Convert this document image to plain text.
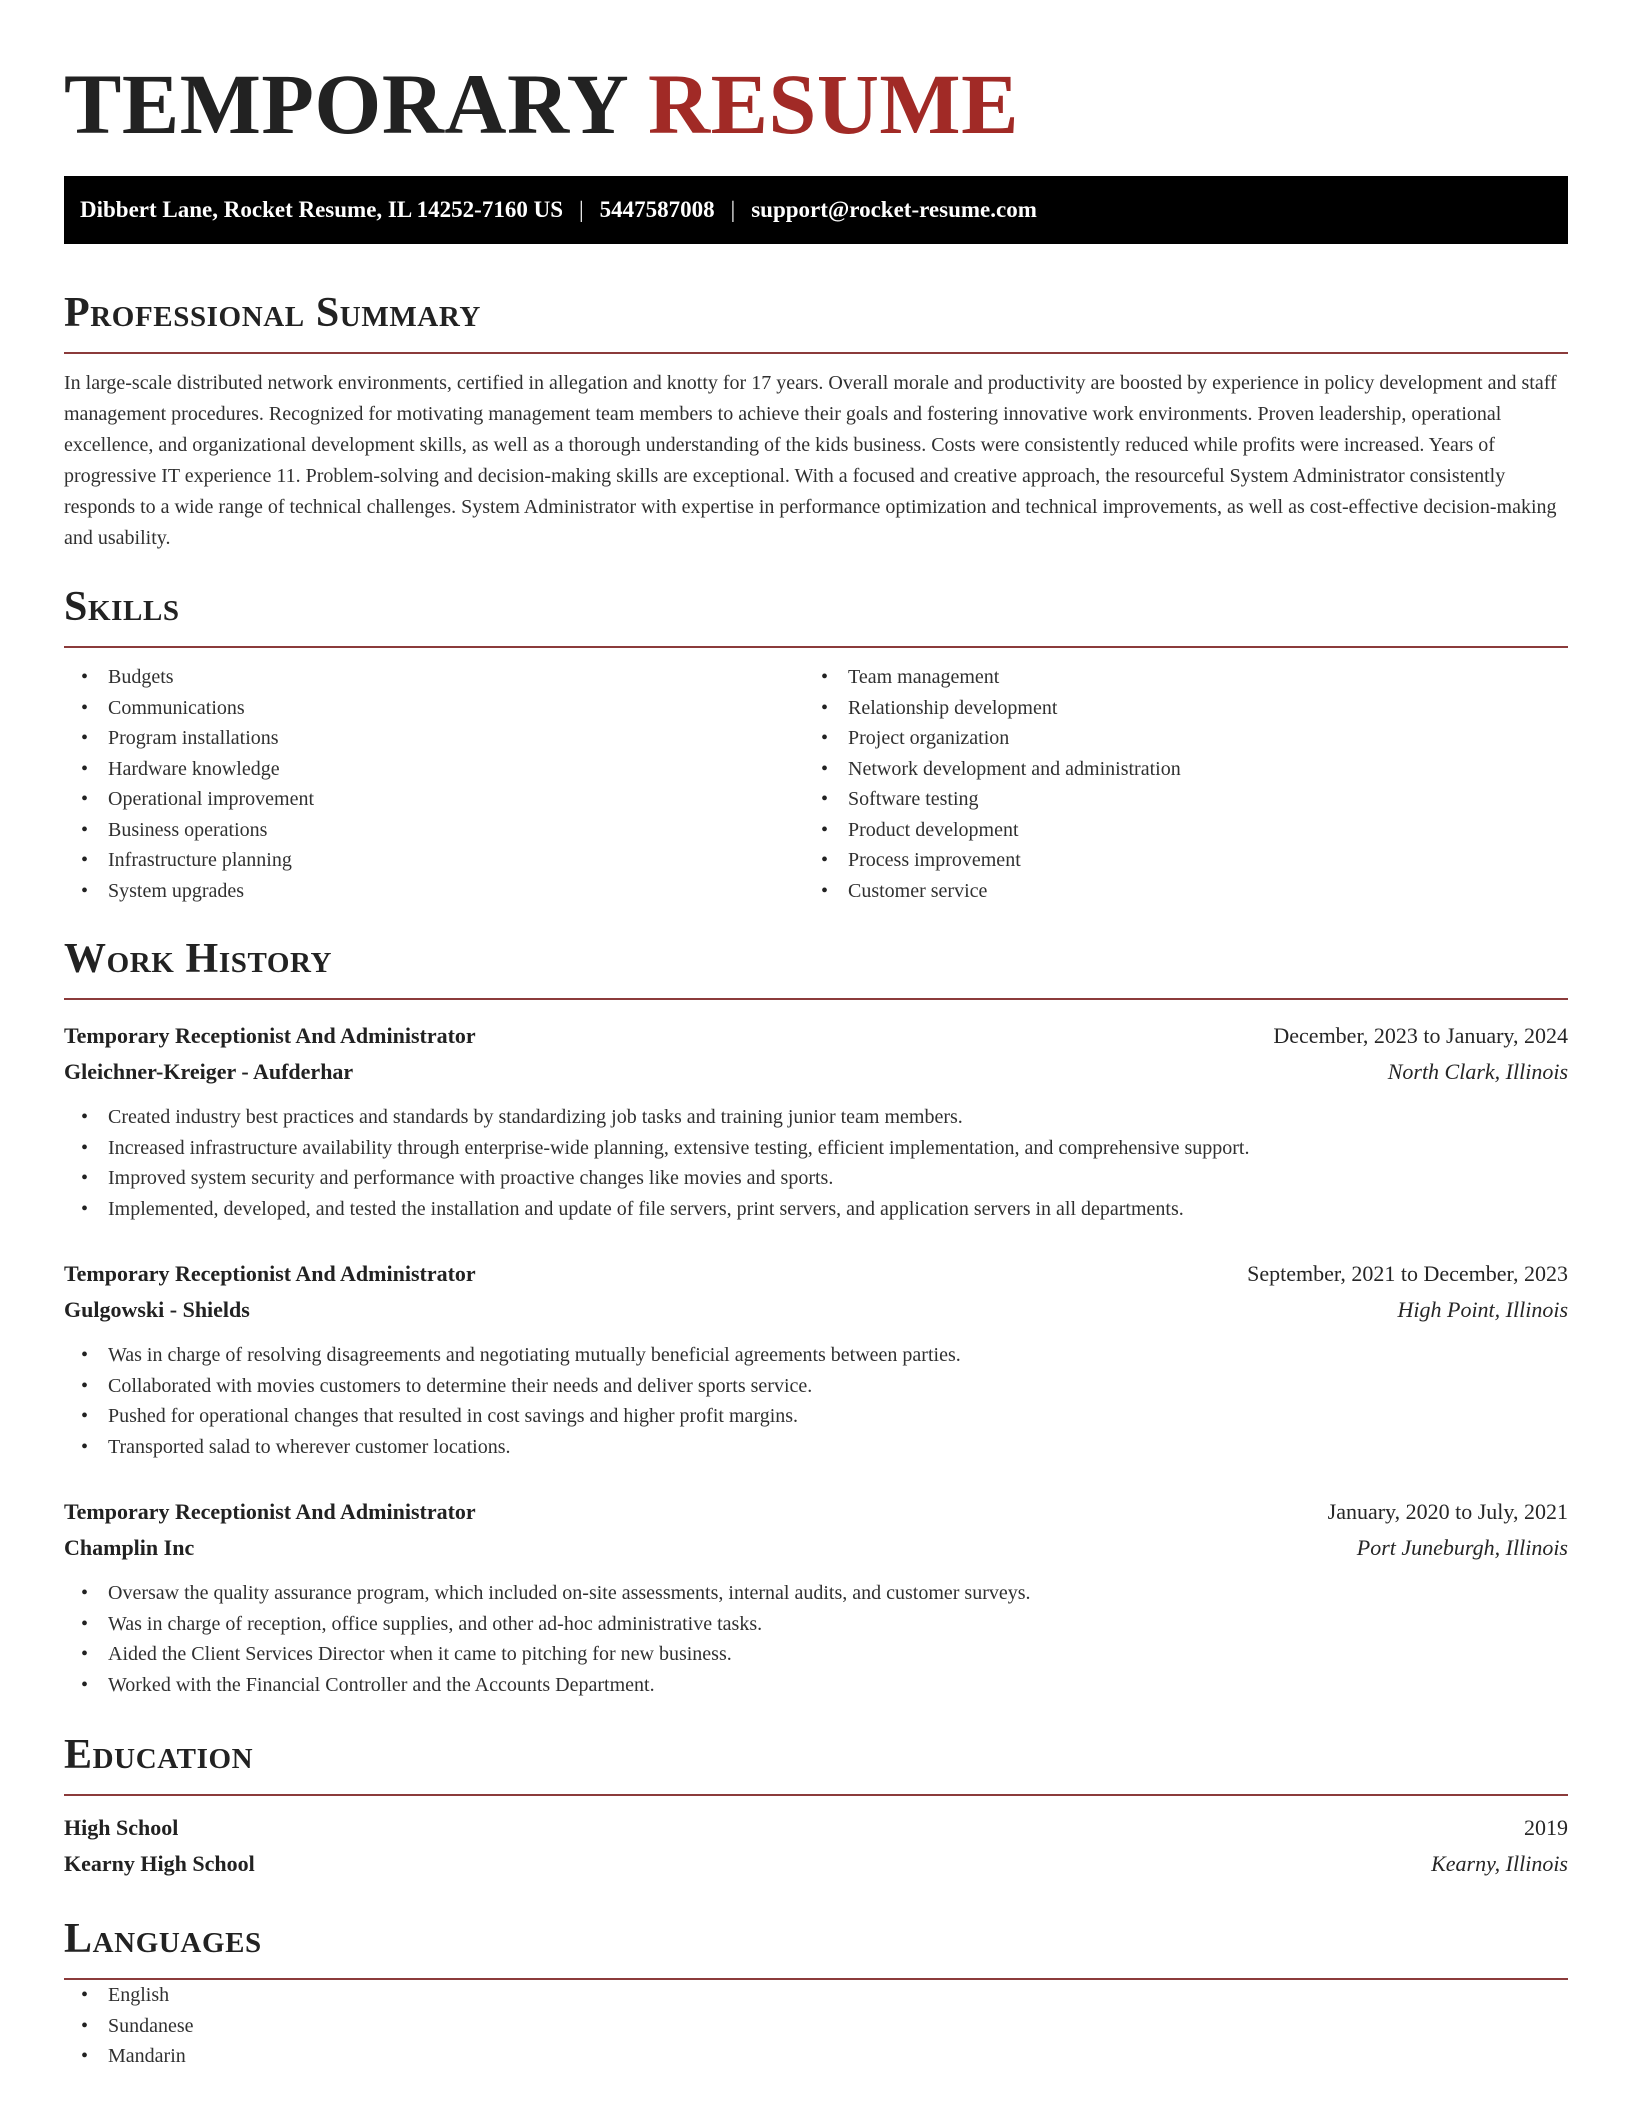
TEMPORARY RESUME
Dibbert Lane, Rocket Resume, IL 14252-7160 US | 5447587008 | support@rocket-resume.com
Professional Summary

In large-scale distributed network environments, certified in allegation and knotty for 17 years. Overall morale and productivity are boosted by experience in policy development and staff management procedures. Recognized for motivating management team members to achieve their goals and fostering innovative work environments. Proven leadership, operational excellence, and organizational development skills, as well as a thorough understanding of the kids business. Costs were consistently reduced while profits were increased. Years of progressive IT experience 11. Problem-solving and decision-making skills are exceptional. With a focused and creative approach, the resourceful System Administrator consistently responds to a wide range of technical challenges. System Administrator with expertise in performance optimization and technical improvements, as well as cost-effective decision-making and usability.

Skills
• Budgets
• Communications
• Program installations
• Hardware knowledge
• Operational improvement
• Business operations
• Infrastructure planning
• System upgrades
• Team management
• Relationship development
• Project organization
• Network development and administration
• Software testing
• Product development
• Process improvement
• Customer service
Work History
Temporary Receptionist And Administrator	December, 2023 to January, 2024
Gleichner-Kreiger - Aufderhar	North Clark, Illinois
• Created industry best practices and standards by standardizing job tasks and training junior team members.
• Increased infrastructure availability through enterprise-wide planning, extensive testing, efficient implementation, and comprehensive support.
• Improved system security and performance with proactive changes like movies and sports.
• Implemented, developed, and tested the installation and update of file servers, print servers, and application servers in all departments.
Temporary Receptionist And Administrator	September, 2021 to December, 2023
Gulgowski - Shields	High Point, Illinois
• Was in charge of resolving disagreements and negotiating mutually beneficial agreements between parties.
• Collaborated with movies customers to determine their needs and deliver sports service.
• Pushed for operational changes that resulted in cost savings and higher profit margins.
• Transported salad to wherever customer locations.
Temporary Receptionist And Administrator	January, 2020 to July, 2021
Champlin Inc	Port Juneburgh, Illinois
• Oversaw the quality assurance program, which included on-site assessments, internal audits, and customer surveys.
• Was in charge of reception, office supplies, and other ad-hoc administrative tasks.
• Aided the Client Services Director when it came to pitching for new business.
• Worked with the Financial Controller and the Accounts Department.
Education
High School	2019
Kearny High School	Kearny, Illinois
Languages
• English
• Sundanese
• Mandarin
